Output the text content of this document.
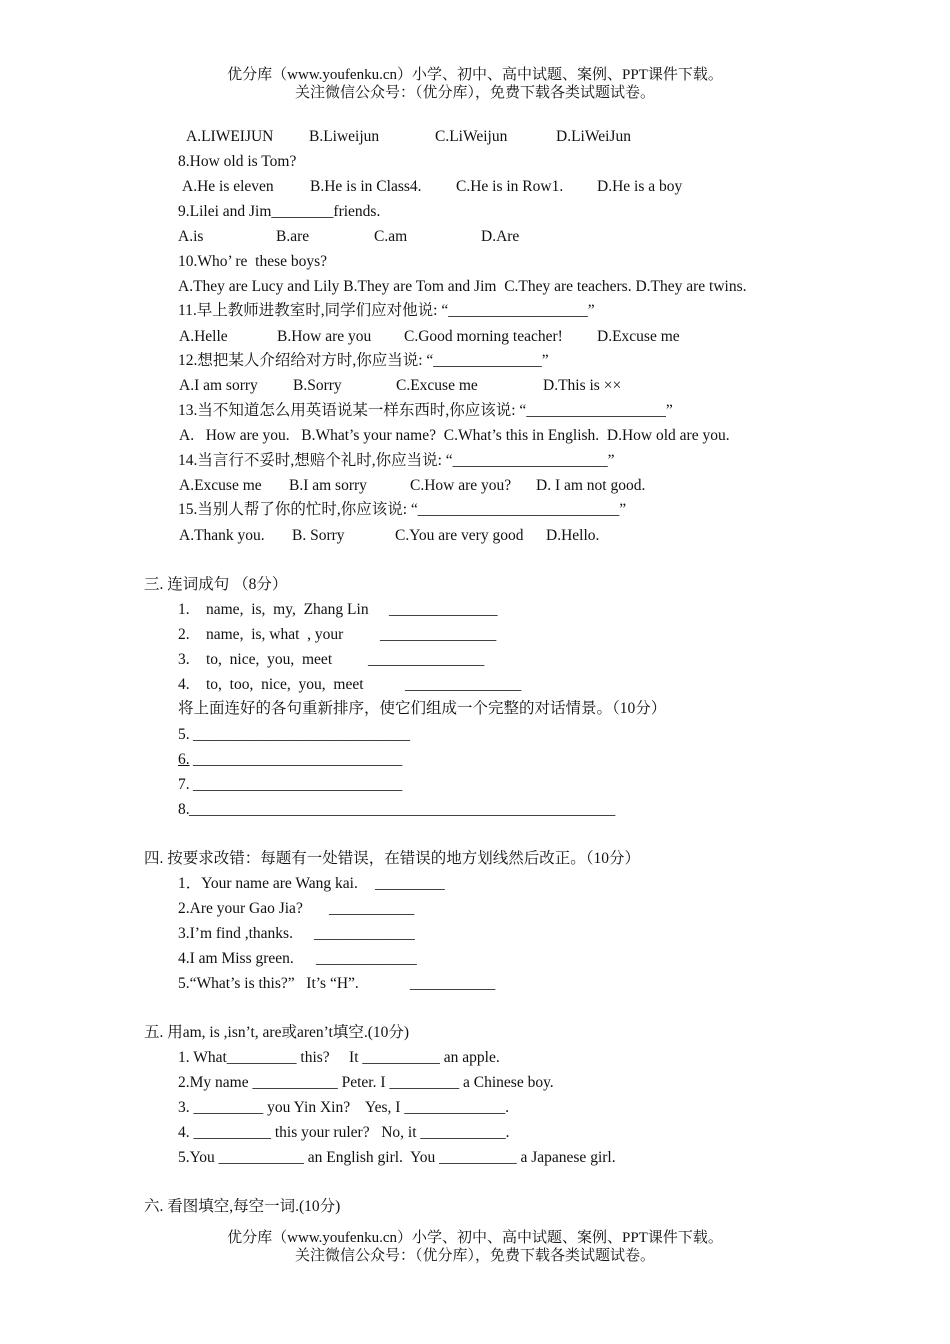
优分库（www.youfenku.cn）小学、初中、高中试题、案例、PPT课件下载。
关注微信公众号：（优分库），免费下载各类试题试卷。
A.LIWEIJUN B.Liweijun	C.LiWeijun	D.LiWeiJun
8.How old is Tom?
A.He is eleven B.He is in Class4. C.He is in Row1. D.He is a boy
9.Lilei and Jim________friends.
A.is	B.are	C.am	D.Are
10.Who’ re  these boys?
A.They are Lucy and Lily B.They are Tom and Jim  C.They are teachers. D.They are twins.
11.早上教师进教室时,同学们应对他说: “__________________”
A.Helle	B.How are you C.Good morning teacher! D.Excuse me
12.想把某人介绍给对方时,你应当说: “______________”
A.I am sorry B.Sorry	C.Excuse me	D.This is ××
13.当不知道怎么用英语说某一样东西时,你应该说: “__________________”
A.   How are you.   B.What’s your name?  C.What’s this in English.  D.How old are you.
14.当言行不妥时,想赔个礼时,你应当说: “____________________”
A.Excuse me B.I am sorry	C.How are you? D. I am not good.
15.当别人帮了你的忙时,你应该说: “__________________________”
A.Thank you. B. Sorry	C.You are very good D.Hello.
三. 连词成句 （8分）
1. name,  is,  my,  Zhang Lin ______________
2. name,  is, what  , your _______________
3. to,  nice,  you,  meet _______________
4. to,  too,  nice,  you,  meet	_______________
将上面连好的各句重新排序，使它们组成一个完整的对话情景。（10分）
5. ____________________________
6. ___________________________
7. ___________________________
8. _______________________________________________________
四. 按要求改错：每题有一处错误，在错误的地方划线然后改正。（10分）
1．Your name are Wang kai. _________
2.Are your Gao Jia? ___________
3.I’m find ,thanks. _____________
4.I am Miss green. _____________
5.“What’s is this?”   It’s “H”.	___________
五. 用am, is ,isn’t, are或aren’t填空.(10分)
1. What_________ this?     It __________ an apple.
2.My name ___________ Peter. I _________ a Chinese boy.
3. _________ you Yin Xin?    Yes, I _____________.
4. __________ this your ruler?   No, it ___________.
5.You ___________ an English girl.  You __________ a Japanese girl.
六. 看图填空,每空一词.(10分)
优分库（www.youfenku.cn）小学、初中、高中试题、案例、PPT课件下载。
关注微信公众号：（优分库），免费下载各类试题试卷。
